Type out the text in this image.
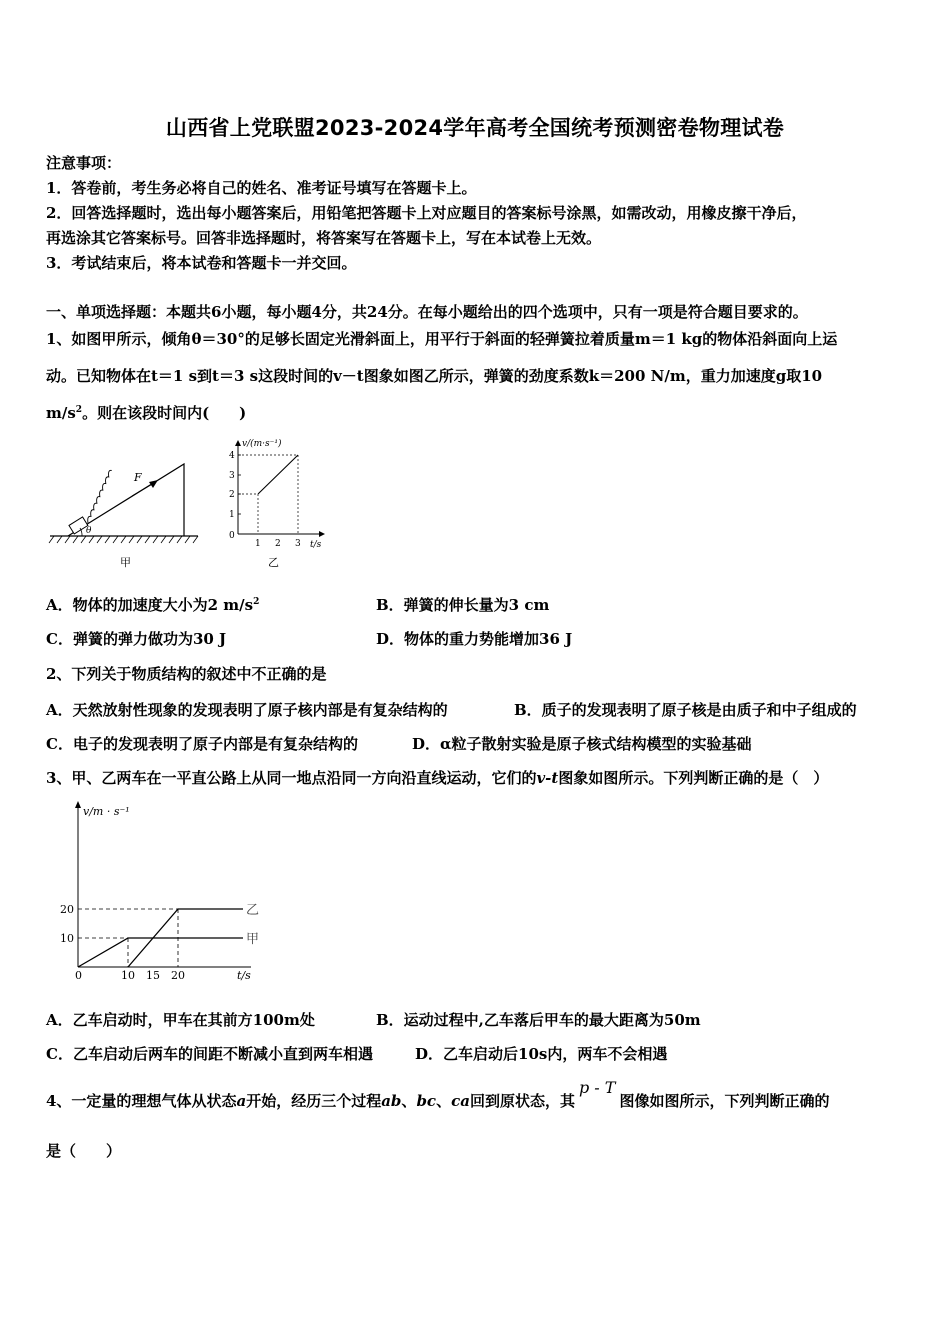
山西省上党联盟2023-2024学年高考全国统考预测密卷物理试卷
注意事项：
1．答卷前，考生务必将自己的姓名、准考证号填写在答题卡上。
2．回答选择题时，选出每小题答案后，用铅笔把答题卡上对应题目的答案标号涂黑，如需改动，用橡皮擦干净后，
再选涂其它答案标号。回答非选择题时，将答案写在答题卡上，写在本试卷上无效。
3．考试结束后，将本试卷和答题卡一并交回。
一、单项选择题：本题共6小题，每小题4分，共24分。在每小题给出的四个选项中，只有一项是符合题目要求的。
1、如图甲所示，倾角θ＝30°的足够长固定光滑斜面上，用平行于斜面的轻弹簧拉着质量m＝1 kg的物体沿斜面向上运
动。已知物体在t＝1 s到t＝3 s这段时间的v－t图象如图乙所示，弹簧的劲度系数k＝200 N/m，重力加速度g取10
$m/s^2$。则在该段时间内(　　)
F
θ
甲
v/(m·s⁻¹)
t/s
4
3
2
1
0
1 2 3
乙
A．物体的加速度大小为2 $m/s^2$	B．弹簧的伸长量为3 cm
C．弹簧的弹力做功为30 J	D．物体的重力势能增加36 J
2、下列关于物质结构的叙述中不正确的是
A．天然放射性现象的发现表明了原子核内部是有复杂结构的	B．质子的发现表明了原子核是由质子和中子组成的
C．电子的发现表明了原子内部是有复杂结构的	D．α粒子散射实验是原子核式结构模型的实验基础
3、甲、乙两车在一平直公路上从同一地点沿同一方向沿直线运动，它们的v-t图象如图所示。下列判断正确的是（　）
v/m · s⁻¹
t/s
甲
乙
0	10 15 20
20
10
A．乙车启动时，甲车在其前方100m处	B．运动过程中,乙车落后甲车的最大距离为50m
C．乙车启动后两车的间距不断减小直到两车相遇	D．乙车启动后10s内，两车不会相遇
4、一定量的理想气体从状态a开始，经历三个过程ab、bc、ca回到原状态，其p - T图像如图所示，下列判断正确的
是（　　）
